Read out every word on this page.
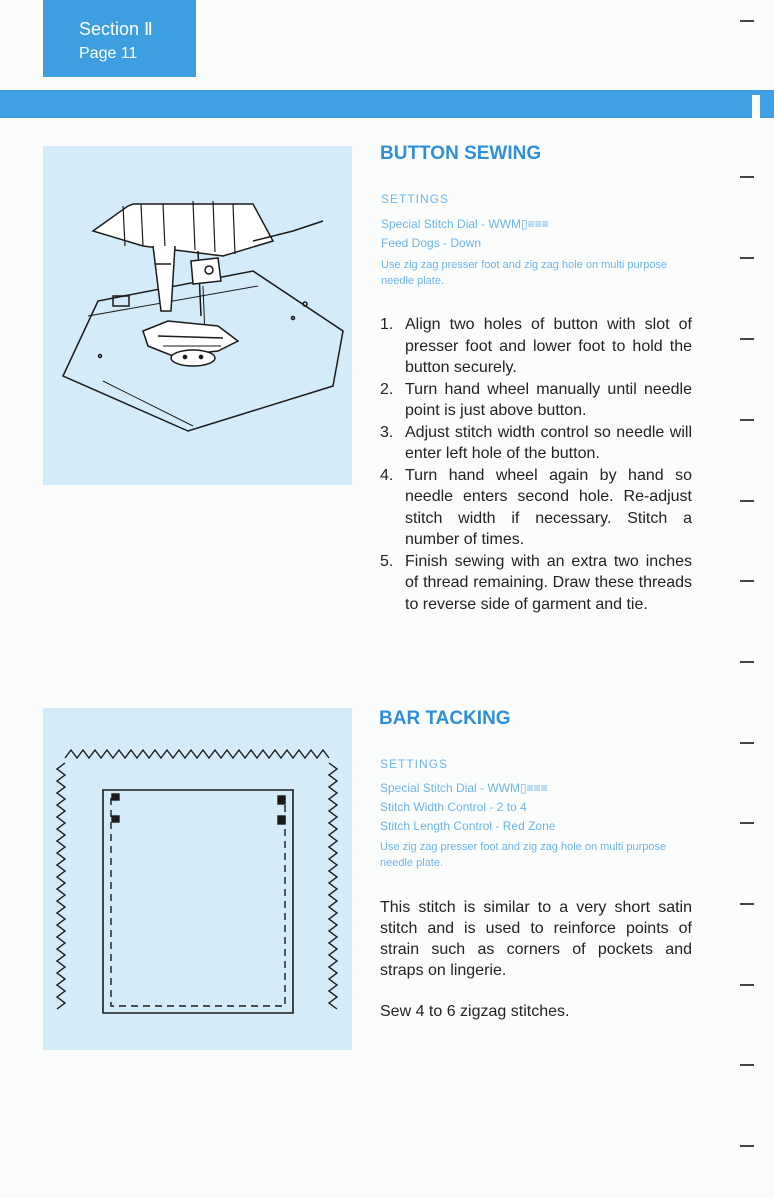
Section Ⅱ
Page 11
BUTTON SEWING
SETTINGS
Special Stitch Dial - WWM▯≡≡≡
Feed Dogs - Down
Use zig zag presser foot and zig zag hole on multi purpose needle plate.
1. Align two holes of button with slot of presser foot and lower foot to hold the button securely.
2. Turn hand wheel manually until needle point is just above button.
3. Adjust stitch width control so needle will enter left hole of the button.
4. Turn hand wheel again by hand so needle enters second hole. Re-adjust stitch width if necessary. Stitch a number of times.
5. Finish sewing with an extra two inches of thread remaining. Draw these threads to reverse side of garment and tie.
BAR TACKING
SETTINGS
Special Stitch Dial - WWM▯≡≡≡
Stitch Width Control - 2 to 4
Stitch Length Control - Red Zone
Use zig zag presser foot and zig zag hole on multi purpose needle plate.
This stitch is similar to a very short satin stitch and is used to reinforce points of strain such as corners of pockets and straps on lingerie.
Sew 4 to 6 zigzag stitches.
